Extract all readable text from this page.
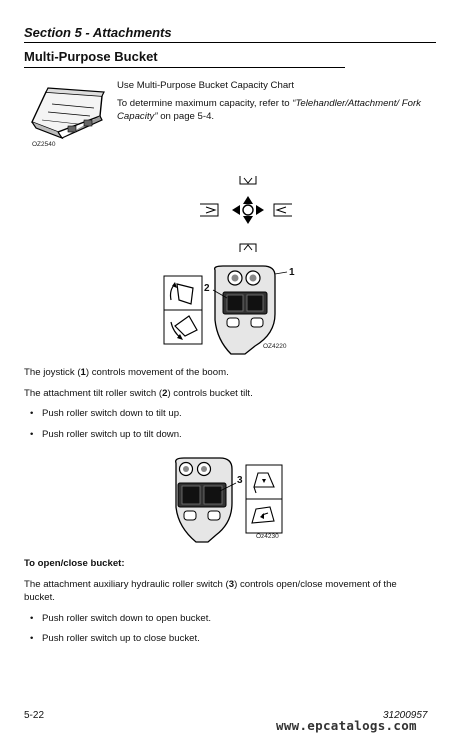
Section 5 - Attachments
Multi-Purpose Bucket
OZ2540
Use Multi-Purpose Bucket Capacity Chart
To determine maximum capacity, refer to “Telehandler/Attachment/ Fork Capacity” on page 5-4.
1
2
OZ4220
The joystick (1) controls movement of the boom.
The attachment tilt roller switch (2) controls bucket tilt.
• Push roller switch down to tilt up.
• Push roller switch up to tilt down.
3
Oz4230
To open/close bucket:
The attachment auxiliary hydraulic roller switch (3) controls open/close movement of the
bucket.
• Push roller switch down to open bucket.
• Push roller switch up to close bucket.
5-22	31200957
www.epcatalogs.com
